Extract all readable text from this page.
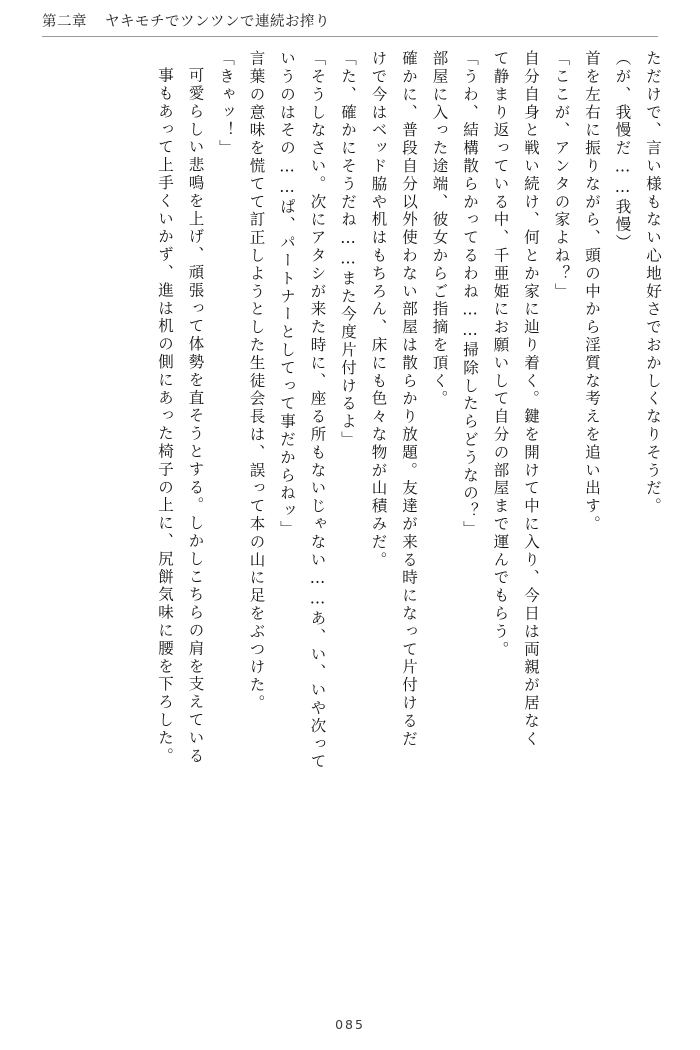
第二章 ヤキモチでツンツンで連続お搾り
ただけで、言い様もない心地好さでおかしくなりそうだ。
（が、我慢だ……我慢）
首を左右に振りながら、頭の中から淫質な考えを追い出す。
「ここが、アンタの家よね？」
自分自身と戦い続け、何とか家に辿り着く。鍵を開けて中に入り、今日は両親が居なく
て静まり返っている中、千亜姫にお願いして自分の部屋まで運んでもらう。
「うわ、結構散らかってるわね……掃除したらどうなの？」
部屋に入った途端、彼女からご指摘を頂く。
確かに、普段自分以外使わない部屋は散らかり放題。友達が来る時になって片付けるだ
けで今はベッド脇や机はもちろん、床にも色々な物が山積みだ。
「た、確かにそうだね……また今度片付けるよ」
「そうしなさい。次にアタシが来た時に、座る所もないじゃない……あ、い、いや次って
いうのはその……ぱ、パートナーとしてって事だからねッ」
言葉の意味を慌てて訂正しようとした生徒会長は、誤って本の山に足をぶつけた。
「きゃッ！」
可愛らしい悲鳴を上げ、頑張って体勢を直そうとする。しかしこちらの肩を支えている
事もあって上手くいかず、進は机の側にあった椅子の上に、尻餅気味に腰を下ろした。
085
